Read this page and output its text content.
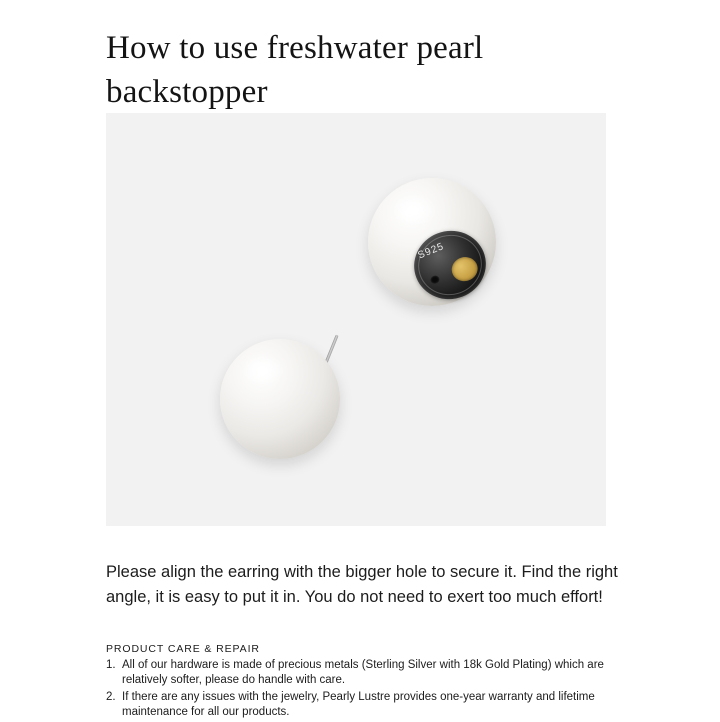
How to use freshwater pearl backstopper
S925

Please align the earring with the bigger hole to secure it. Find the right angle, it is easy to put it in. You do not need to exert too much effort!

PRODUCT CARE & REPAIR
1. All of our hardware is made of precious metals (Sterling Silver with 18k Gold Plating) which are relatively softer, please do handle with care.
2. If there are any issues with the jewelry, Pearly Lustre provides one-year warranty and lifetime maintenance for all our products.
